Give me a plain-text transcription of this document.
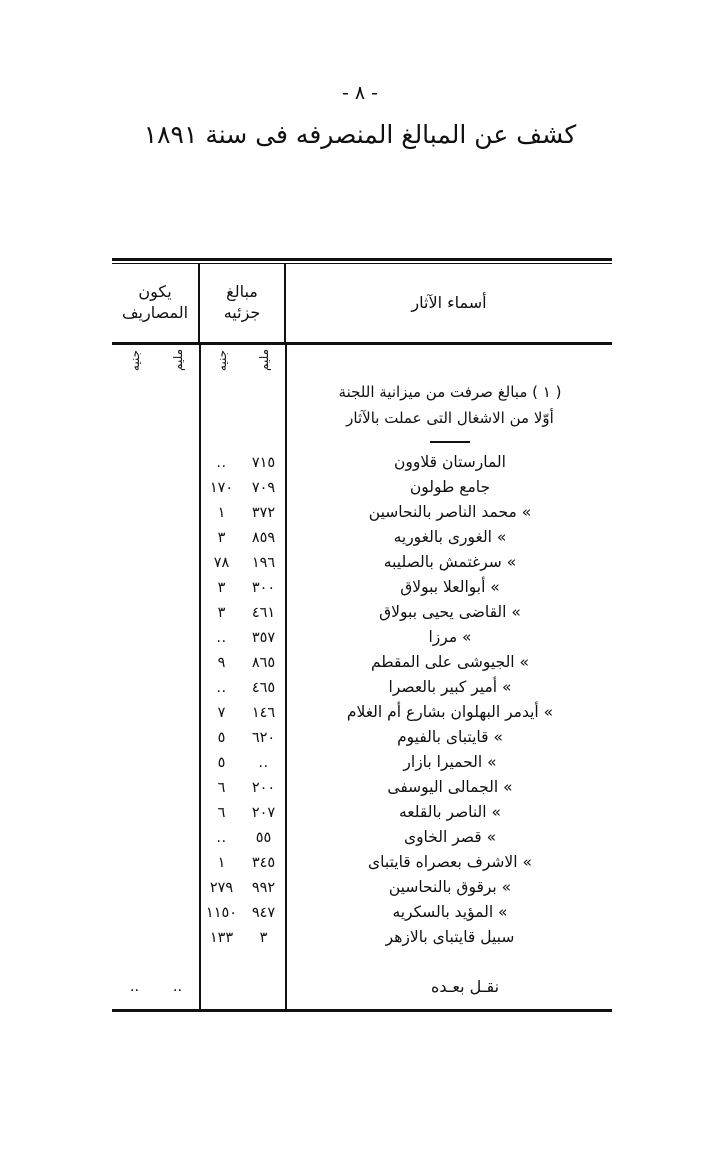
- ٨ -
كشف عن المبالغ المنصرفه فى سنة ١٨٩١
أسماء الآثار	
مبالغ
جزئيه

يكون
المصاريف
	مليم	جنيه	مليم	جنيه

( ١ ) مبالغ صرفت من ميزانية اللجنة
أوّلا من الاشغال التى عملت بالآثار				

المارستان قلاوون	٧١٥	..		
جامع طولون	٧٠٩	١٧٠		
» محمد الناصر بالنحاسين	٣٧٢	١		
» الغورى بالغوريه	٨٥٩	٣		
» سرغتمش بالصليبه	١٩٦	٧٨		
» أبوالعلا ببولاق	٣٠٠	٣		
» القاضى يحيى ببولاق	٤٦١	٣		
» مرزا	٣٥٧	..		
» الجيوشى على المقطم	٨٦٥	٩		
» أمير كبير بالعصرا	٤٦٥	..		
» أيدمر البهلوان بشارع أم الغلام	١٤٦	٧		
» قايتباى بالفيوم	٦٢٠	٥		
» الحميرا بازار	..	٥		
» الجمالى اليوسفى	٢٠٠	٦		
» الناصر بالقلعه	٢٠٧	٦		
» قصر الخاوى	٥٥	..		
» الاشرف بعصراه قايتباى	٣٤٥	١		
» برقوق بالنحاسين	٩٩٢	٢٧٩		
» المؤيد بالسكريه	٩٤٧	١١٥٠		
سبيل قايتباى بالازهر	٣	١٣٣		

نقـل بعـده			..	..
